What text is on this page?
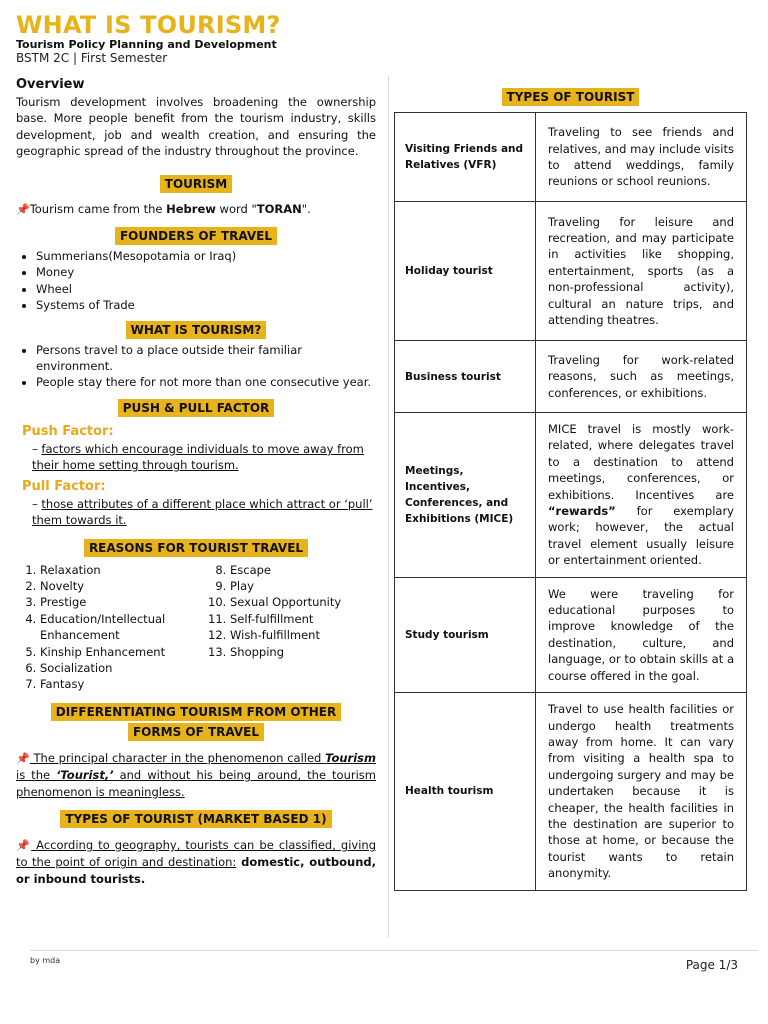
WHAT IS TOURISM?
Tourism Policy Planning and Development
BSTM 2C | First Semester
Overview

Tourism development involves broadening the ownership base. More people benefit from the tourism industry, skills development, job and wealth creation, and ensuring the geographic spread of the industry throughout the province.

TOURISM

📌Tourism came from the Hebrew word "TORAN".

FOUNDERS OF TRAVEL
• Summerians(Mesopotamia or Iraq)
• Money
• Wheel
• Systems of Trade
WHAT IS TOURISM?
• Persons travel to a place outside their familiar environment.
• People stay there for not more than one consecutive year.
PUSH & PULL FACTOR
Push Factor:
– factors which encourage individuals to move away from their home setting through tourism.
Pull Factor:
– those attributes of a different place which attract or ‘pull’ them towards it.
REASONS FOR TOURIST TRAVEL
1. Relaxation
2. Novelty
3. Prestige
4. Education/Intellectual Enhancement
5. Kinship Enhancement
6. Socialization
7. Fantasy
8. Escape
9. Play
10. Sexual Opportunity
11. Self-fulfillment
12. Wish-fulfillment
13. Shopping
DIFFERENTIATING TOURISM FROM OTHER
FORMS OF TRAVEL

📌 The principal character in the phenomenon called Tourism is the ‘Tourist,’ and without his being around, the tourism phenomenon is meaningless.

TYPES OF TOURIST (MARKET BASED 1)

📌 According to geography, tourists can be classified, giving to the point of origin and destination: domestic, outbound, or inbound tourists.

TYPES OF TOURIST
Visiting Friends and Relatives (VFR)	Traveling to see friends and relatives, and may include visits to attend weddings, family reunions or school reunions.
Holiday tourist	Traveling for leisure and recreation, and may participate in activities like shopping, entertainment, sports (as a non-professional activity), cultural an nature trips, and attending theatres.
Business tourist	Traveling for work-related reasons, such as meetings, conferences, or exhibitions.
Meetings, Incentives, Conferences, and Exhibitions (MICE)	MICE travel is mostly work-related, where delegates travel to a destination to attend meetings, conferences, or exhibitions. Incentives are “rewards” for exemplary work; however, the actual travel element usually leisure or entertainment oriented.
Study tourism	We were traveling for educational purposes to improve knowledge of the destination, culture, and language, or to obtain skills at a course offered in the goal.
Health tourism	Travel to use health facilities or undergo health treatments away from home. It can vary from visiting a health spa to undergoing surgery and may be undertaken because it is cheaper, the health facilities in the destination are superior to those at home, or because the tourist wants to retain anonymity.
by mda	Page 1/3
